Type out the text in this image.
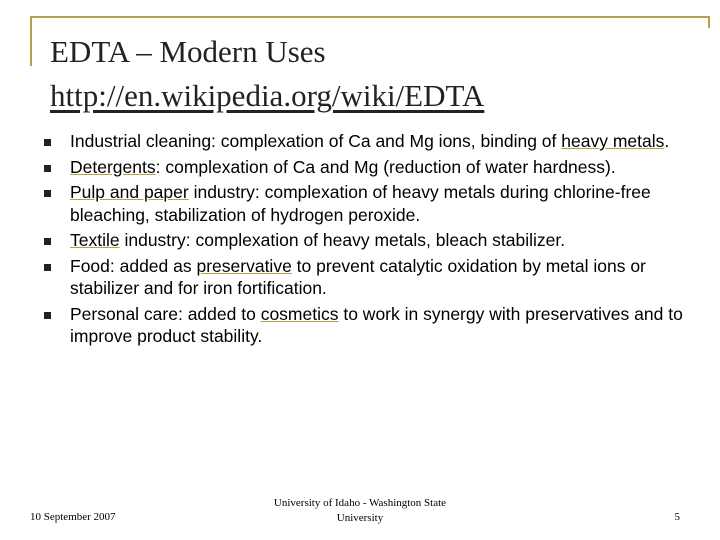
EDTA – Modern Uses
http://en.wikipedia.org/wiki/EDTA
Industrial cleaning: complexation of Ca and Mg ions, binding of heavy metals.
Detergents: complexation of Ca and Mg (reduction of water hardness).
Pulp and paper industry: complexation of heavy metals during chlorine-free bleaching, stabilization of hydrogen peroxide.
Textile industry: complexation of heavy metals, bleach stabilizer.
Food: added as preservative to prevent catalytic oxidation by metal ions or stabilizer and for iron fortification.
Personal care: added to cosmetics to work in synergy with preservatives and to improve product stability.
10 September 2007
University of Idaho - Washington State
University	5
